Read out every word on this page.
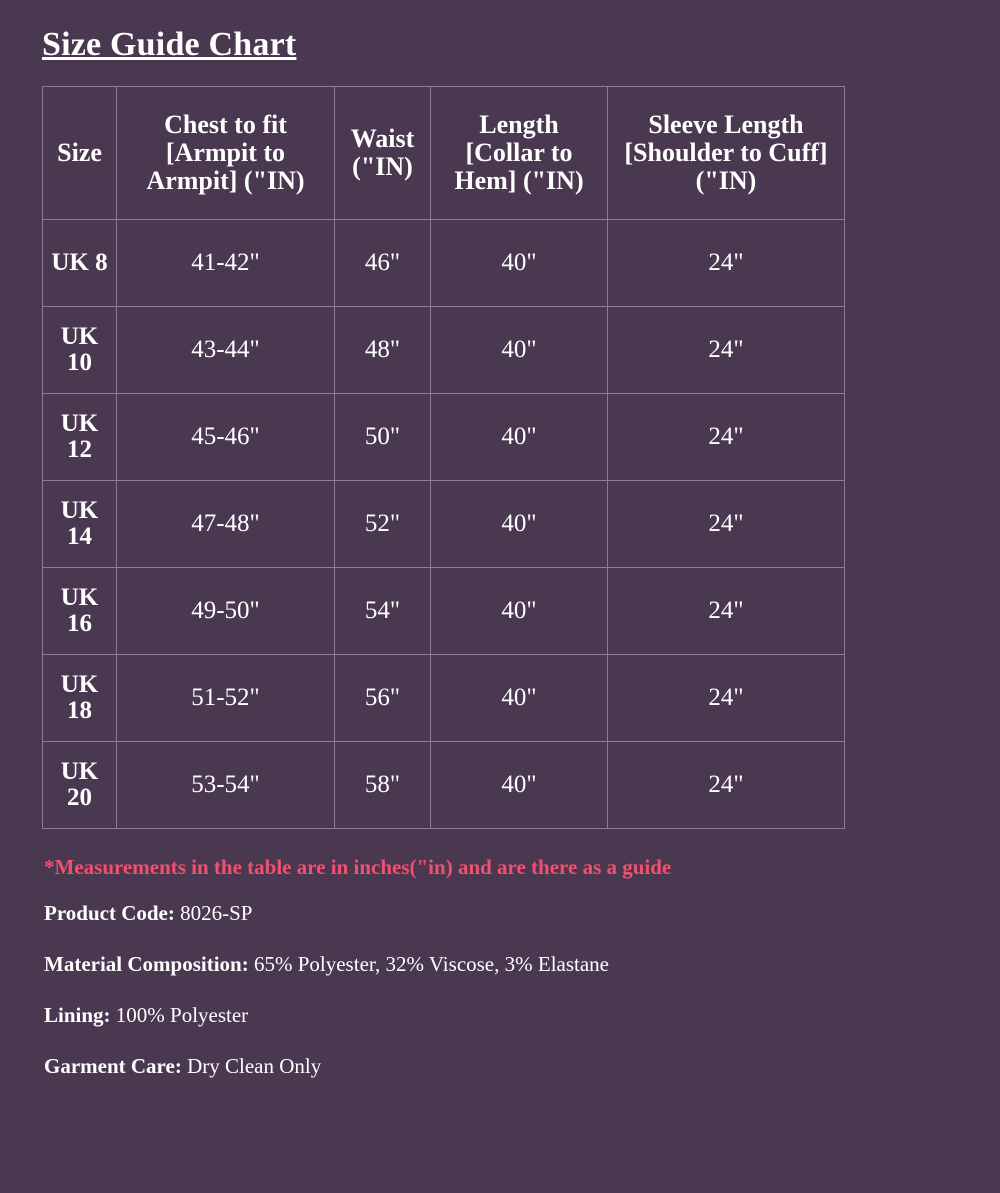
Size Guide Chart
Size	Chest to fit [Armpit to Armpit] ("IN)	Waist ("IN)	Length [Collar to Hem] ("IN)	Sleeve Length [Shoulder to Cuff] ("IN)
UK 8	41-42"	46"	40"	24"
UK 10	43-44"	48"	40"	24"
UK 12	45-46"	50"	40"	24"
UK 14	47-48"	52"	40"	24"
UK 16	49-50"	54"	40"	24"
UK 18	51-52"	56"	40"	24"
UK 20	53-54"	58"	40"	24"
*Measurements in the table are in inches("in) and are there as a guide
Product Code: 8026-SP
Material Composition: 65% Polyester, 32% Viscose, 3% Elastane
Lining: 100% Polyester
Garment Care: Dry Clean Only
